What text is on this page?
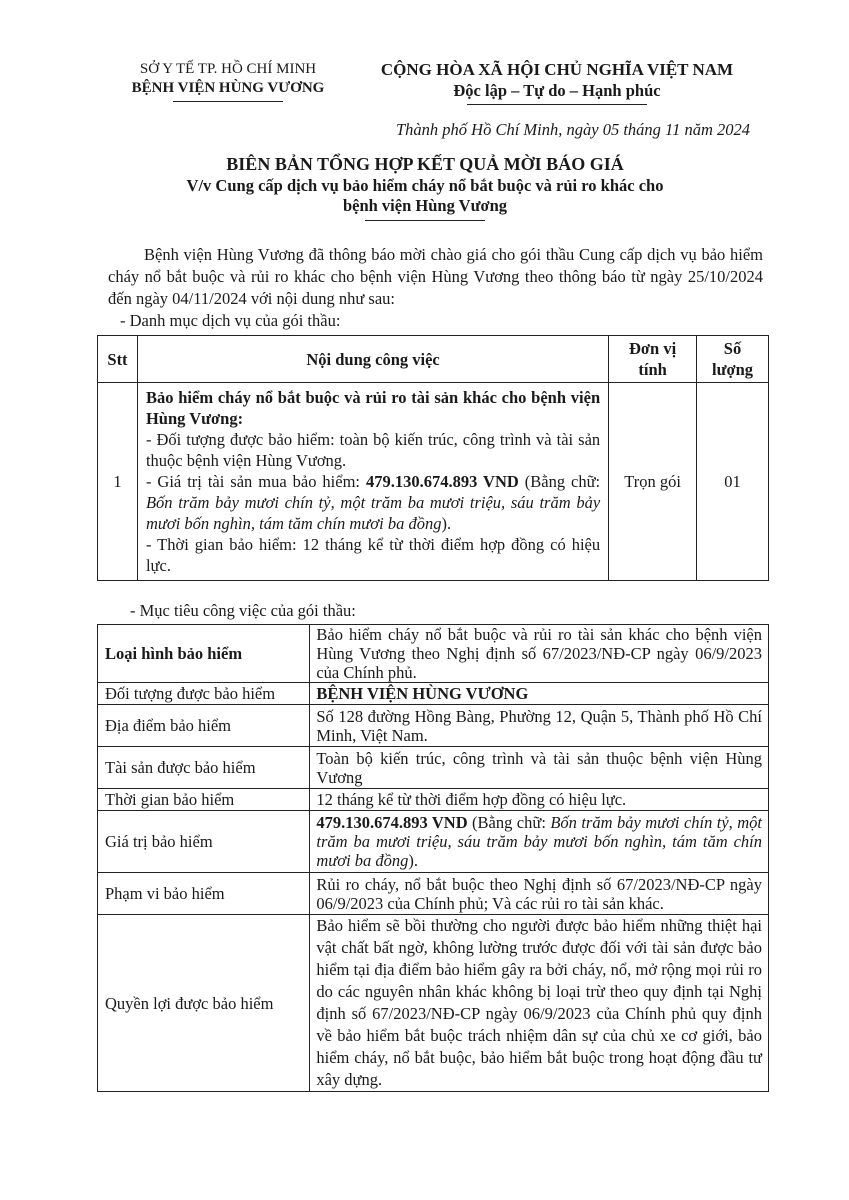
SỞ Y TẾ TP. HỒ CHÍ MINH
BỆNH VIỆN HÙNG VƯƠNG
CỘNG HÒA XÃ HỘI CHỦ NGHĨA VIỆT NAM
Độc lập – Tự do – Hạnh phúc
Thành phố Hồ Chí Minh, ngày 05 tháng 11 năm 2024
BIÊN BẢN TỔNG HỢP KẾT QUẢ MỜI BÁO GIÁ
V/v Cung cấp dịch vụ bảo hiểm cháy nổ bắt buộc và rủi ro khác cho
bệnh viện Hùng Vương

Bệnh viện Hùng Vương đã thông báo mời chào giá cho gói thầu Cung cấp dịch vụ bảo hiểm cháy nổ bắt buộc và rủi ro khác cho bệnh viện Hùng Vương theo thông báo từ ngày 25/10/2024 đến ngày 04/11/2024 với nội dung như sau:

- Danh mục dịch vụ của gói thầu:

Stt	Nội dung công việc	Đơn vị tính	Số lượng
1	Bảo hiểm cháy nổ bắt buộc và rủi ro tài sản khác cho bệnh viện Hùng Vương:

- Đối tượng được bảo hiểm: toàn bộ kiến trúc, công trình và tài sản thuộc bệnh viện Hùng Vương.

- Giá trị tài sản mua bảo hiểm: 479.130.674.893 VND (Bằng chữ: Bốn trăm bảy mươi chín tỷ, một trăm ba mươi triệu, sáu trăm bảy mươi bốn nghìn, tám tăm chín mươi ba đồng).

- Thời gian bảo hiểm: 12 tháng kể từ thời điểm hợp đồng có hiệu lực.	Trọn gói	01
- Mục tiêu công việc của gói thầu:
Loại hình bảo hiểm	Bảo hiểm cháy nổ bắt buộc và rủi ro tài sản khác cho bệnh viện Hùng Vương theo Nghị định số 67/2023/NĐ-CP ngày 06/9/2023 của Chính phủ.
Đối tượng được bảo hiểm	BỆNH VIỆN HÙNG VƯƠNG
Địa điểm bảo hiểm	Số 128 đường Hồng Bàng, Phường 12, Quận 5, Thành phố Hồ Chí Minh, Việt Nam.
Tài sản được bảo hiểm	Toàn bộ kiến trúc, công trình và tài sản thuộc bệnh viện Hùng Vương
Thời gian bảo hiểm	12 tháng kể từ thời điểm hợp đồng có hiệu lực.
Giá trị bảo hiểm	479.130.674.893 VND (Bằng chữ: Bốn trăm bảy mươi chín tỷ, một trăm ba mươi triệu, sáu trăm bảy mươi bốn nghìn, tám tăm chín mươi ba đồng).
Phạm vi bảo hiểm	Rủi ro cháy, nổ bắt buộc theo Nghị định số 67/2023/NĐ-CP ngày 06/9/2023 của Chính phủ; Và các rủi ro tài sản khác.
Quyền lợi được bảo hiểm	Bảo hiểm sẽ bồi thường cho người được bảo hiểm những thiệt hại vật chất bất ngờ, không lường trước được đối với tài sản được bảo hiểm tại địa điểm bảo hiểm gây ra bởi cháy, nổ, mở rộng mọi rủi ro do các nguyên nhân khác không bị loại trừ theo quy định tại Nghị định số 67/2023/NĐ-CP ngày 06/9/2023 của Chính phủ quy định về bảo hiểm bắt buộc trách nhiệm dân sự của chủ xe cơ giới, bảo hiểm cháy, nổ bắt buộc, bảo hiểm bắt buộc trong hoạt động đầu tư xây dựng.
